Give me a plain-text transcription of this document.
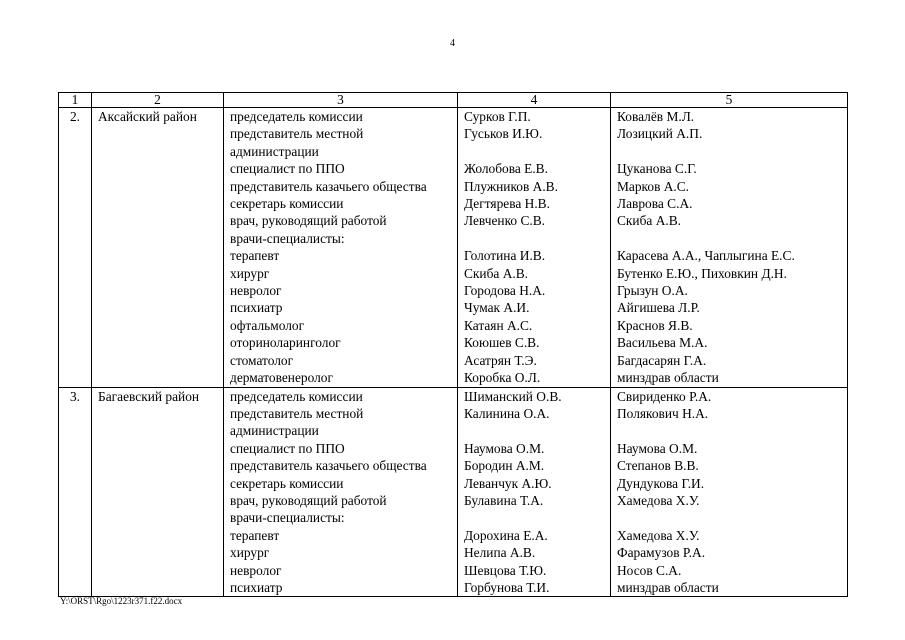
4
1	2	3	4	5
2.	Аксайский район	председатель комиссии	Сурков Г.П.	Ковалёв М.Л.
		представитель местной	Гуськов И.Ю.	Лозицкий А.П.
		администрации		
		специалист по ППО	Жолобова Е.В.	Цуканова С.Г.
		представитель казачьего общества	Плужников А.В.	Марков А.С.
		секретарь комиссии	Дегтярева Н.В.	Лаврова С.А.
		врач, руководящий работой	Левченко С.В.	Скиба А.В.
		врачи-специалисты:		
		терапевт	Голотина И.В.	Карасева А.А., Чаплыгина Е.С.
		хирург	Скиба А.В.	Бутенко Е.Ю., Пиховкин Д.Н.
		невролог	Городова Н.А.	Грызун О.А.
		психиатр	Чумак А.И.	Айгишева Л.Р.
		офтальмолог	Катаян А.С.	Краснов Я.В.
		оториноларинголог	Коюшев С.В.	Васильева М.А.
		стоматолог	Асатрян Т.Э.	Багдасарян Г.А.
		дерматовенеролог	Коробка О.Л.	минздрав области
3.	Багаевский район	председатель комиссии	Шиманский О.В.	Свириденко Р.А.
		представитель местной	Калинина О.А.	Полякович Н.А.
		администрации		
		специалист по ППО	Наумова О.М.	Наумова О.М.
		представитель казачьего общества	Бородин А.М.	Степанов В.В.
		секретарь комиссии	Леванчук А.Ю.	Дундукова Г.И.
		врач, руководящий работой	Булавина Т.А.	Хамедова Х.У.
		врачи-специалисты:		
		терапевт	Дорохина Е.А.	Хамедова Х.У.
		хирург	Нелипа А.В.	Фарамузов Р.А.
		невролог	Шевцова Т.Ю.	Носов С.А.
		психиатр	Горбунова Т.И.	минздрав области
Y:\ORST\Rgo\1223r371.f22.docx
